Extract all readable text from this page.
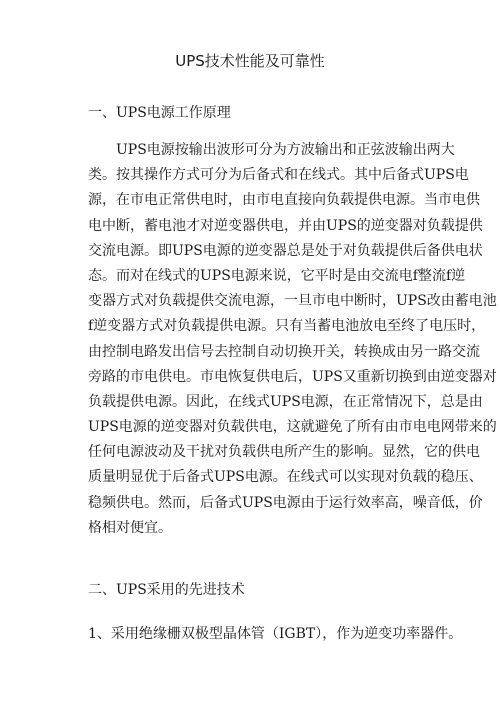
UPS技术性能及可靠性
一、UPS电源工作原理
UPS电源按输出波形可分为方波输出和正弦波输出两大
类。按其操作方式可分为后备式和在线式。其中后备式UPS电
源，在市电正常供电时，由市电直接向负载提供电源。当市电供
电中断，蓄电池才对逆变器供电，并由UPS的逆变器对负载提供
交流电源。即UPS电源的逆变器总是处于对负载提供后备供电状
态。而对在线式的UPS电源来说，它平时是由交流电f整流f逆
变器方式对负载提供交流电源，一旦市电中断时，UPS改由蓄电池
f逆变器方式对负载提供电源。只有当蓄电池放电至终了电压时，
由控制电路发出信号去控制自动切换开关，转换成由另一路交流
旁路的市电供电。市电恢复供电后，UPS又重新切换到由逆变器对
负载提供电源。因此，在线式UPS电源，在正常情况下，总是由
UPS电源的逆变器对负载供电，这就避免了所有由市电电网带来的
任何电源波动及干扰对负载供电所产生的影响。显然，它的供电
质量明显优于后备式UPS电源。在线式可以实现对负载的稳压、
稳频供电。然而，后备式UPS电源由于运行效率高，噪音低，价
格相对便宜。
二、UPS采用的先进技术
1、采用绝缘栅双极型晶体管（IGBT），作为逆变功率器件。
